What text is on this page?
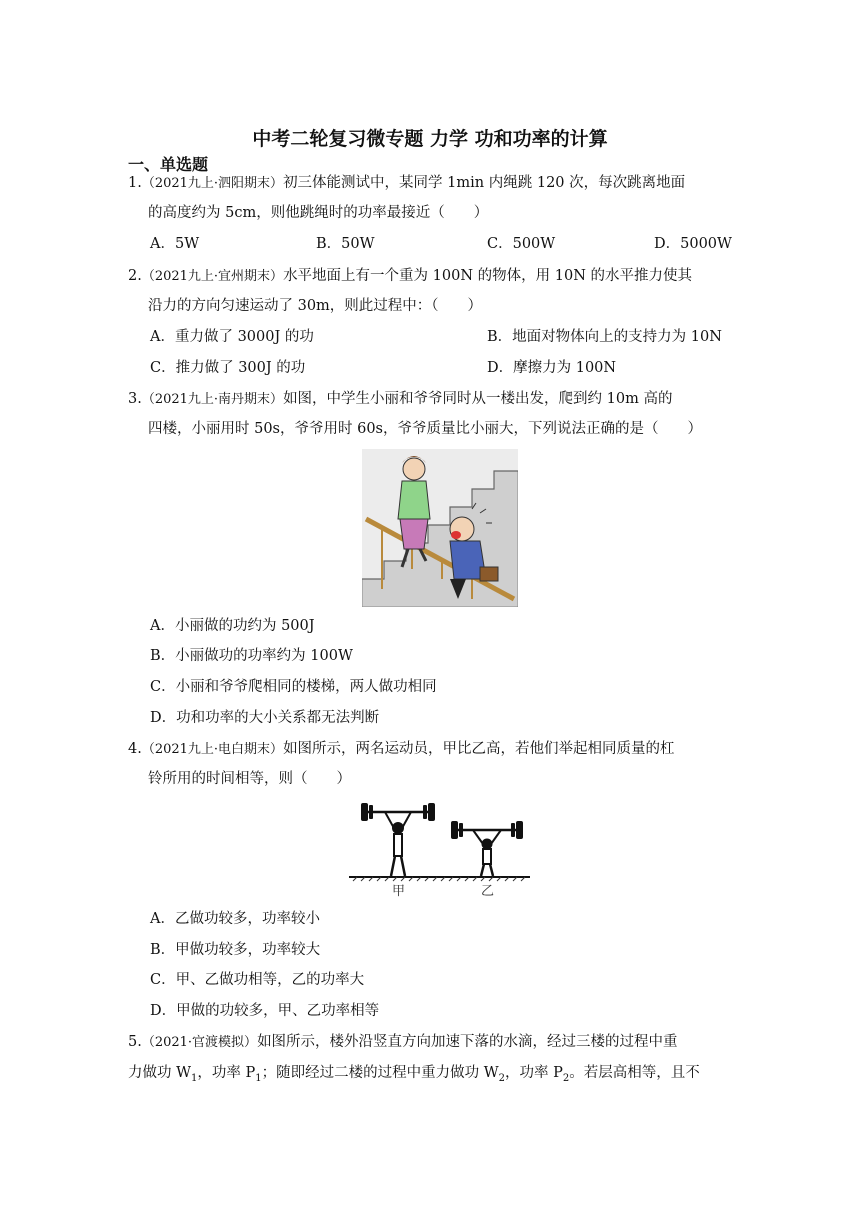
中考二轮复习微专题 力学 功和功率的计算
一、单选题
1.（2021九上·泗阳期末）初三体能测试中，某同学 1min 内绳跳 120 次，每次跳离地面
的高度约为 5cm，则他跳绳时的功率最接近（　　）
A．5W	B．50W	C．500W	D．5000W
2.（2021九上·宜州期末）水平地面上有一个重为 100N 的物体，用 10N 的水平推力使其
沿力的方向匀速运动了 30m，则此过程中：（　　）
A．重力做了 3000J 的功	B．地面对物体向上的支持力为 10N
C．推力做了 300J 的功	D．摩擦力为 100N
3.（2021九上·南丹期末）如图，中学生小丽和爷爷同时从一楼出发，爬到约 10m 高的
四楼，小丽用时 50s，爷爷用时 60s，爷爷质量比小丽大，下列说法正确的是（　　）
A．小丽做的功约为 500J
B．小丽做功的功率约为 100W
C．小丽和爷爷爬相同的楼梯，两人做功相同
D．功和功率的大小关系都无法判断
4.（2021九上·电白期末）如图所示，两名运动员，甲比乙高，若他们举起相同质量的杠
铃所用的时间相等，则（　　）
甲	乙
A．乙做功较多，功率较小
B．甲做功较多，功率较大
C．甲、乙做功相等，乙的功率大
D．甲做的功较多，甲、乙功率相等
5.（2021·官渡模拟）如图所示，楼外沿竖直方向加速下落的水滴，经过三楼的过程中重
力做功 $W_1$，功率 $P_1$；随即经过二楼的过程中重力做功 $W_2$，功率 $P_2$。若层高相等，且不
